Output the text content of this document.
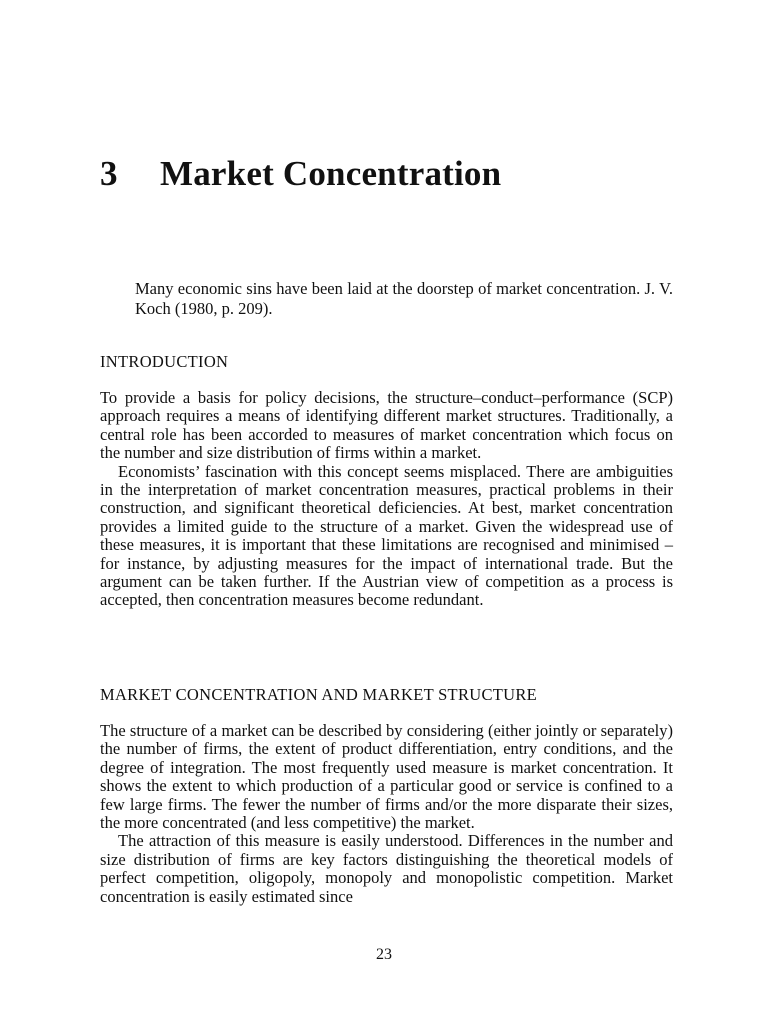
3 Market Concentration
Many economic sins have been laid at the doorstep of market concentration. J. V. Koch (1980, p. 209).
INTRODUCTION

To provide a basis for policy decisions, the structure–conduct–performance (SCP) approach requires a means of identifying different market structures. Traditionally, a central role has been accorded to measures of market concentration which focus on the number and size distribution of firms within a market.

Economists’ fascination with this concept seems misplaced. There are ambiguities in the interpretation of market concentration measures, practical problems in their construction, and significant theoretical deficiencies. At best, market concentration provides a limited guide to the structure of a market. Given the widespread use of these measures, it is important that these limitations are recognised and minimised – for instance, by adjusting measures for the impact of international trade. But the argument can be taken further. If the Austrian view of competition as a process is accepted, then concentration measures become redundant.

MARKET CONCENTRATION AND MARKET STRUCTURE

The structure of a market can be described by considering (either jointly or separately) the number of firms, the extent of product differentiation, entry conditions, and the degree of integration. The most frequently used measure is market concentration. It shows the extent to which production of a particular good or service is confined to a few large firms. The fewer the number of firms and/or the more disparate their sizes, the more concentrated (and less competitive) the market.

The attraction of this measure is easily understood. Differences in the number and size distribution of firms are key factors distinguishing the theoretical models of perfect competition, oligopoly, monopoly and monopolistic competition. Market concentration is easily estimated since

23
